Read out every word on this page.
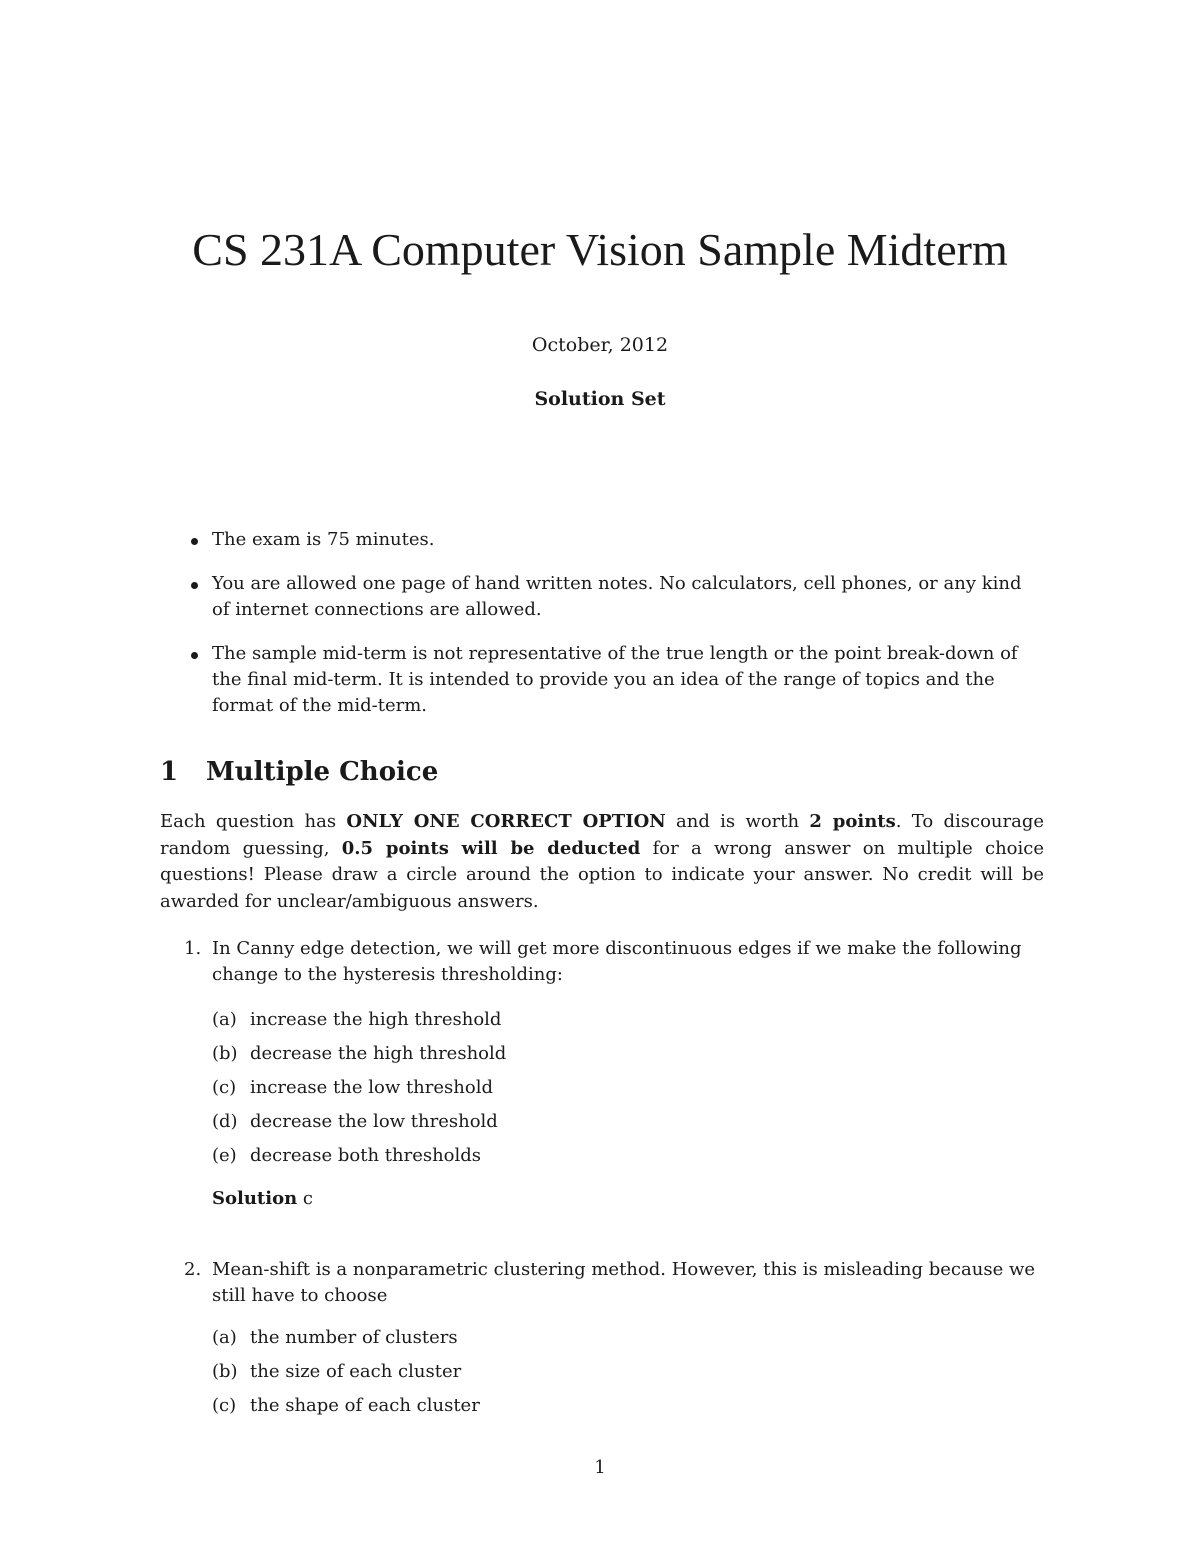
CS 231A Computer Vision Sample Midterm
October, 2012
Solution Set
The exam is 75 minutes.
You are allowed one page of hand written notes. No calculators, cell phones, or any kind of internet connections are allowed.
The sample mid-term is not representative of the true length or the point break-down of the final mid-term. It is intended to provide you an idea of the range of topics and the format of the mid-term.
1 Multiple Choice
Each question has ONLY ONE CORRECT OPTION and is worth 2 points. To discourage random guessing, 0.5 points will be deducted for a wrong answer on multiple choice questions! Please draw a circle around the option to indicate your answer. No credit will be awarded for unclear/ambiguous answers.
1. In Canny edge detection, we will get more discontinuous edges if we make the following change to the hysteresis thresholding:
(a) increase the high threshold
(b) decrease the high threshold
(c) increase the low threshold
(d) decrease the low threshold
(e) decrease both thresholds
Solution c
2. Mean-shift is a nonparametric clustering method. However, this is misleading because we still have to choose
(a) the number of clusters
(b) the size of each cluster
(c) the shape of each cluster
1
